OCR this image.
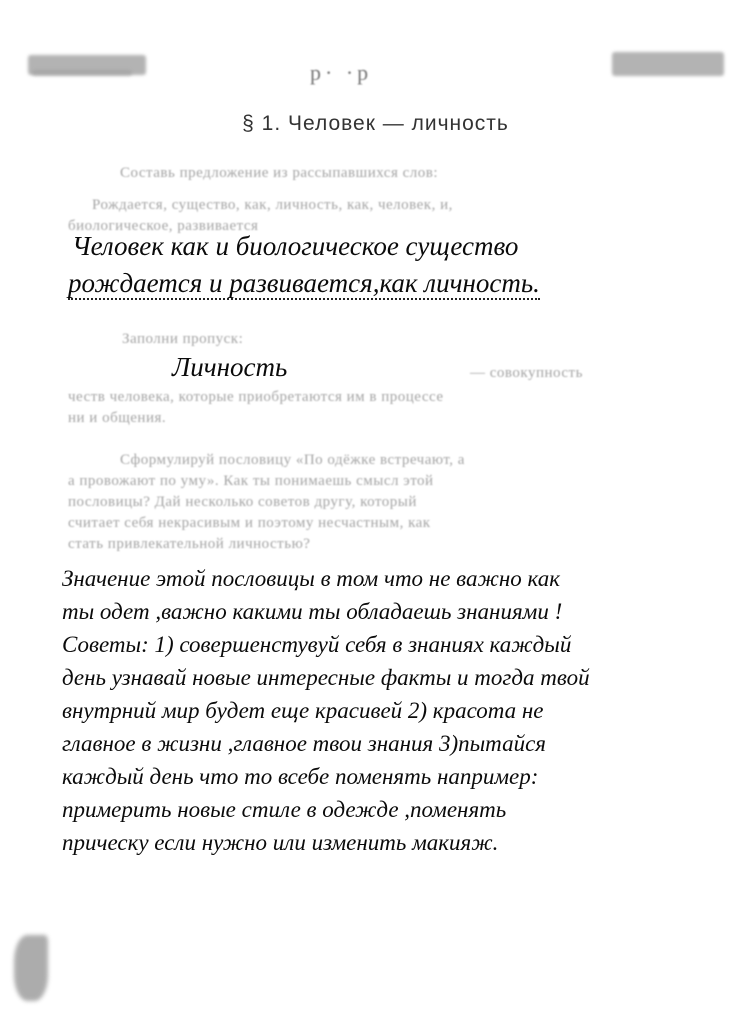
р· ·р
§ 1. Человек — личность
Составь предложение из рассыпавшихся слов:
Рождается, существо, как, личность, как, человек, и,
биологическое, развивается
Человек как и биологическое существо
рождается и развивается,как личность.
Заполни пропуск:
Личность	— совокупность
честв человека, которые приобретаются им в процессе
ни и общения.
Cформулируй пословицу «По одёжке встречают, а
а провожают по уму». Как ты понимаешь смысл этой
пословицы? Дай несколько советов другу, который
считает себя некрасивым и поэтому несчастным, как
стать привлекательной личностью?
Значение этой пословицы в том что не важно как
ты одет ,важно какими ты обладаешь знаниями !
Советы: 1) совершенстувуй себя в знаниях каждый
день узнавай новые интересные факты и тогда твой
внутрний мир будет еще красивей 2) красота не
главное в жизни ,главное твои знания 3)пытайся
каждый день что то всебе поменять например:
примерить новые стиле в одежде ,поменять
прическу если нужно или изменить макияж.
